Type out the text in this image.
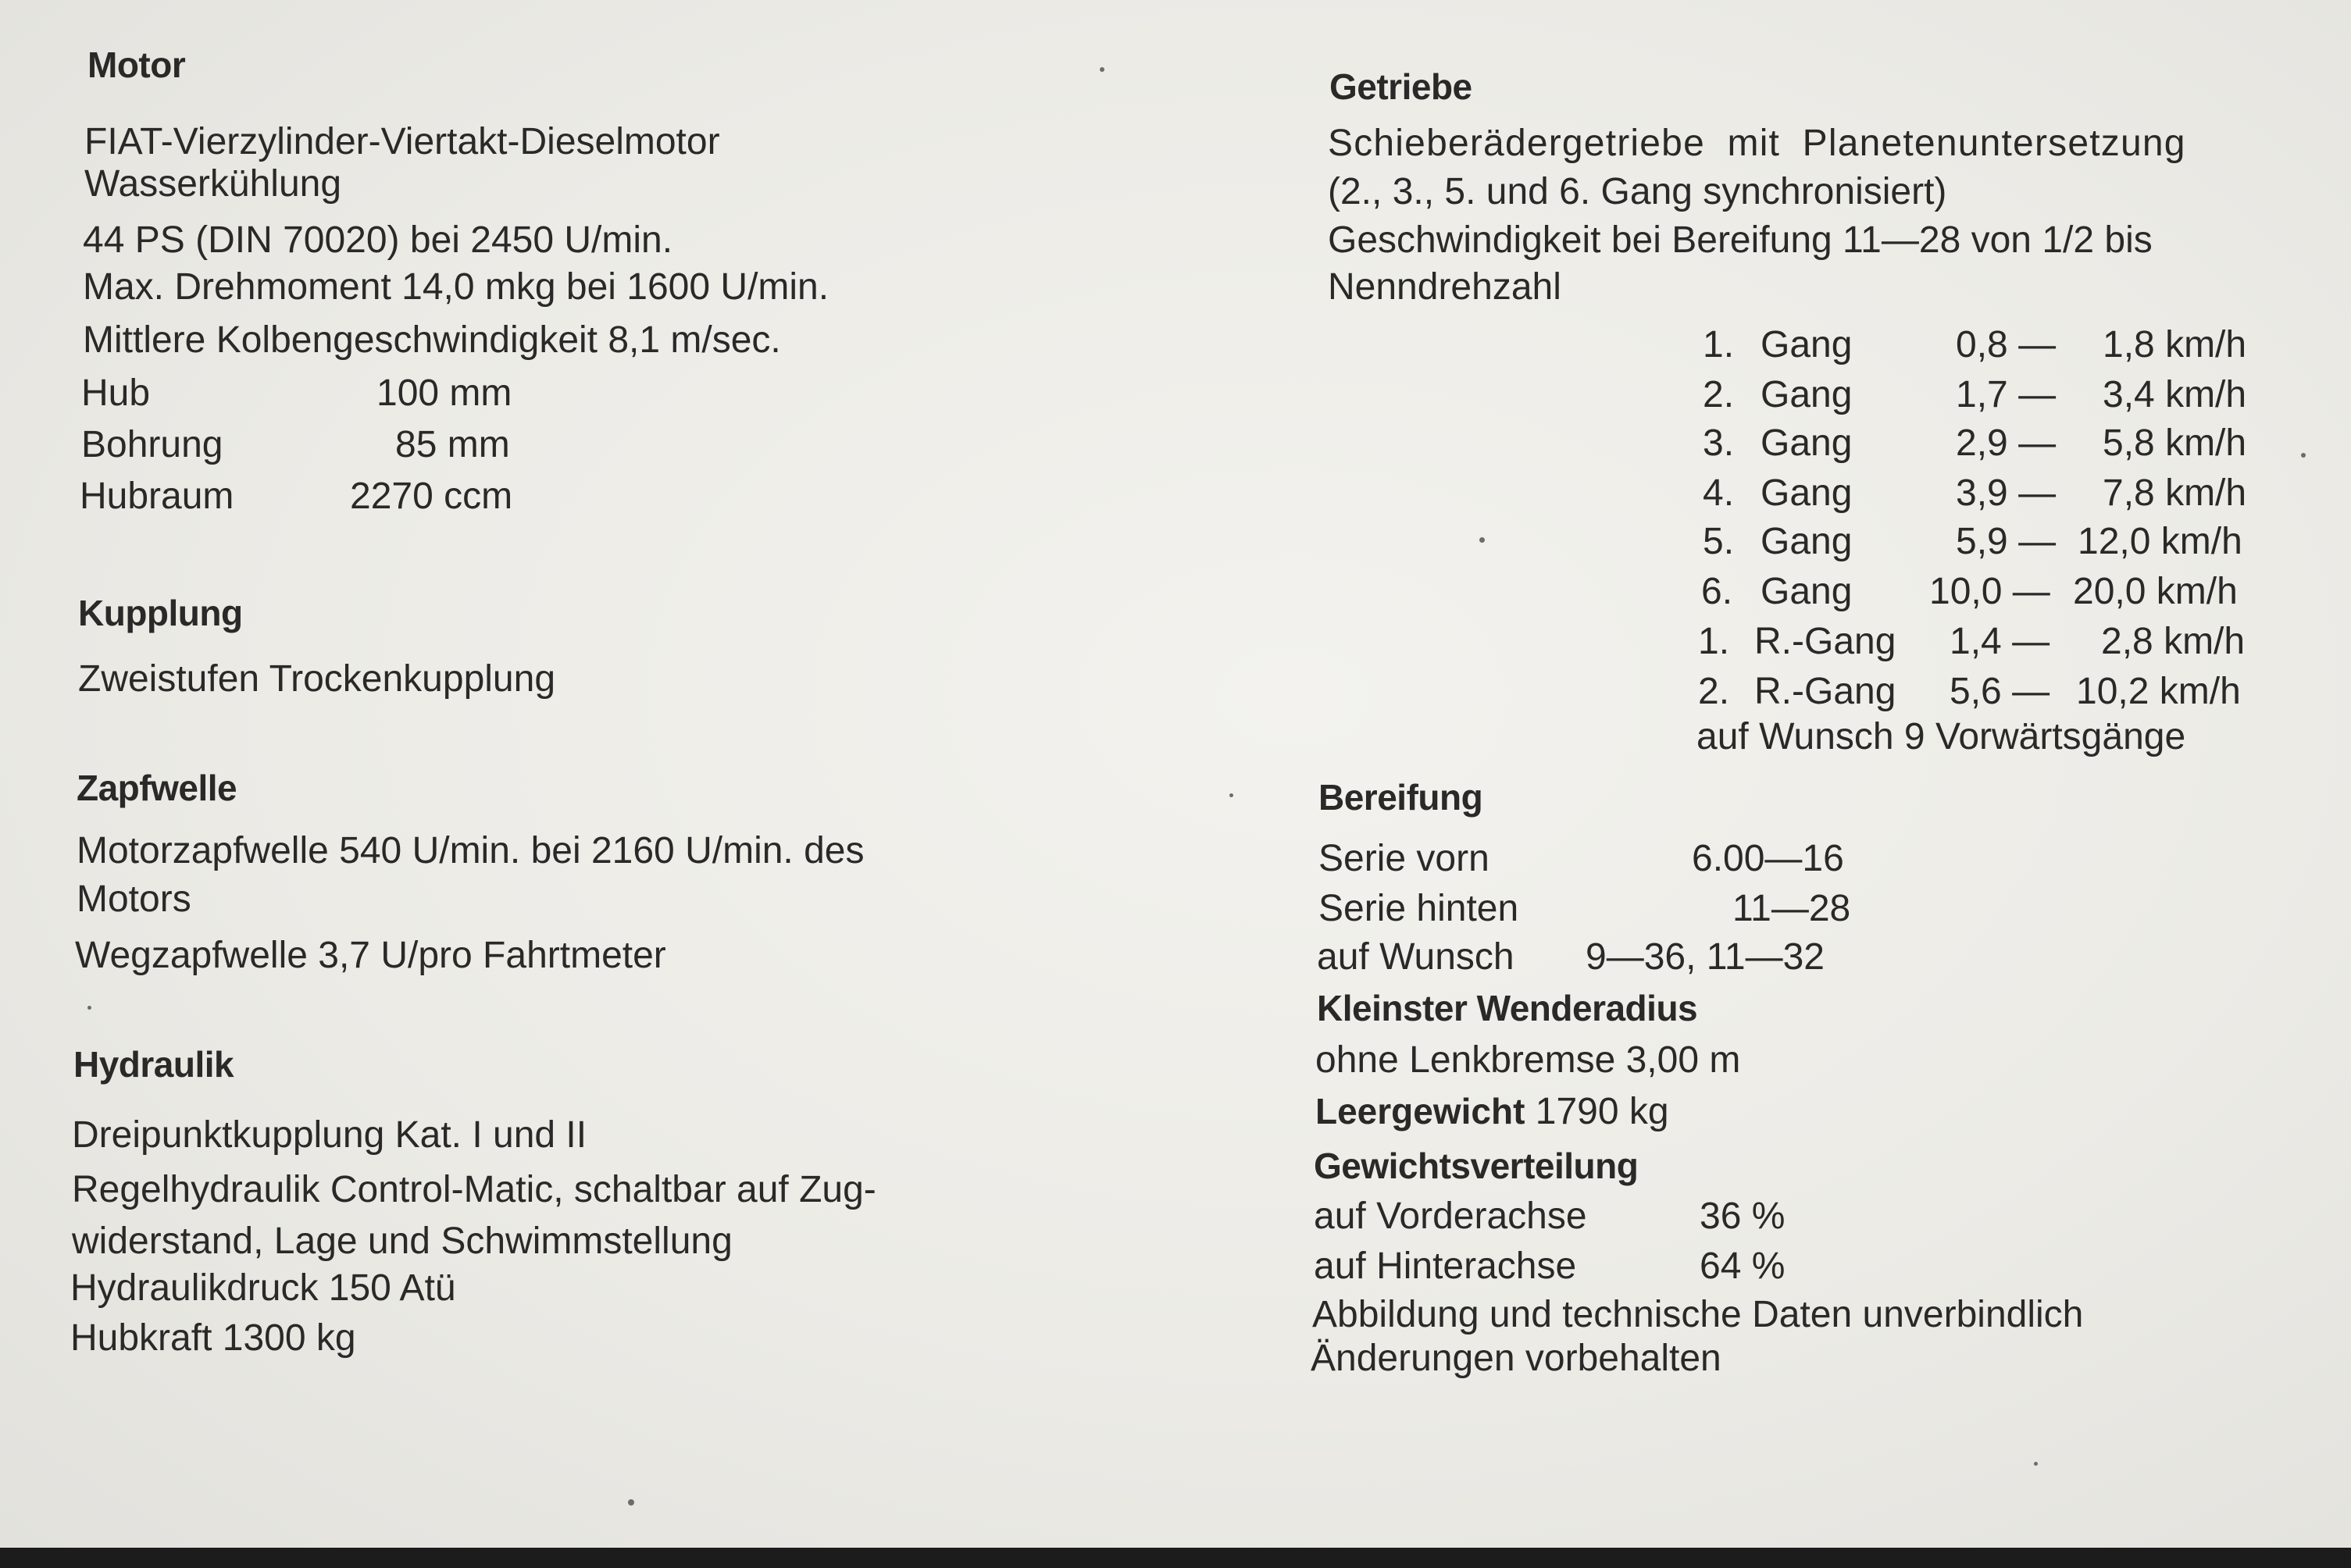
Motor
FIAT-Vierzylinder-Viertakt-Dieselmotor
Wasserkühlung
44 PS (DIN 70020) bei 2450 U/min.
Max. Drehmoment 14,0 mkg bei 1600 U/min.
Mittlere Kolbengeschwindigkeit 8,1 m/sec.
Hub	100 mm
Bohrung	85 mm
Hubraum	2270 ccm
Kupplung
Zweistufen Trockenkupplung
Zapfwelle
Motorzapfwelle 540 U/min. bei 2160 U/min. des
Motors
Wegzapfwelle 3,7 U/pro Fahrtmeter
Hydraulik
Dreipunktkupplung Kat. I und II
Regelhydraulik Control-Matic, schaltbar auf Zug-
widerstand, Lage und Schwimmstellung
Hydraulikdruck 150 Atü
Hubkraft 1300 kg
Getriebe
Schieberädergetriebe mit Planetenuntersetzung
(2., 3., 5. und 6. Gang synchronisiert)
Geschwindigkeit bei Bereifung 11—28 von 1/2 bis
Nenndrehzahl
1. Gang	0,8 — 1,8 km/h
2. Gang	1,7 — 3,4 km/h
3. Gang	2,9 — 5,8 km/h
4. Gang	3,9 — 7,8 km/h
5. Gang	5,9 — 12,0 km/h
6. Gang 10,0 — 20,0 km/h
1. R.-Gang 1,4 — 2,8 km/h
2. R.-Gang 5,6 — 10,2 km/h
auf Wunsch 9 Vorwärtsgänge
Bereifung
Serie vorn	6.00—16
Serie hinten	11—28
auf Wunsch 9—36, 11—32
Kleinster Wenderadius
ohne Lenkbremse 3,00 m
Leergewicht 1790 kg
Gewichtsverteilung
auf Vorderachse	36 %
auf Hinterachse	64 %
Abbildung und technische Daten unverbindlich
Änderungen vorbehalten
